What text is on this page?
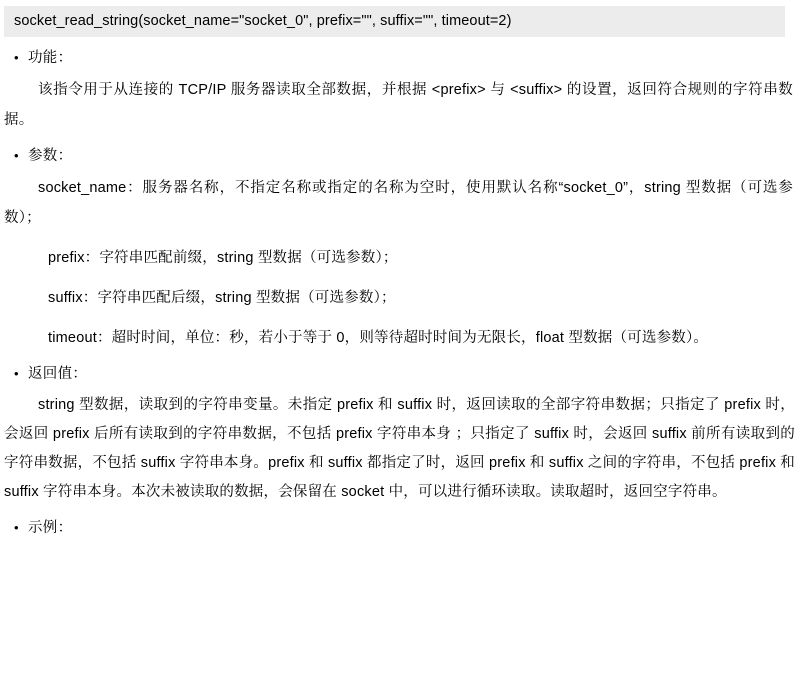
socket_read_string(socket_name="socket_0", prefix="", suffix="", timeout=2)
• 功能：
该指令用于从连接的 TCP/IP 服务器读取全部数据，并根据 <prefix> 与 <suffix> 的设置，返回符合规则的字符串数据。
• 参数：
socket_name：服务器名称，不指定名称或指定的名称为空时，使用默认名称“socket_0”，string 型数据（可选参数）；
prefix：字符串匹配前缀，string 型数据（可选参数）；
suffix：字符串匹配后缀，string 型数据（可选参数）；
timeout：超时时间，单位：秒，若小于等于 0，则等待超时时间为无限长，float 型数据（可选参数）。
• 返回值：
string 型数据，读取到的字符串变量。未指定 prefix 和 suffix 时，返回读取的全部字符串数据；只指定了 prefix 时，会返回 prefix 后所有读取到的字符串数据，不包括 prefix 字符串本身 ；只指定了 suffix 时，会返回 suffix 前所有读取到的字符串数据，不包括 suffix 字符串本身。prefix 和 suffix 都指定了时，返回 prefix 和 suffix 之间的字符串，不包括 prefix 和 suffix 字符串本身。本次未被读取的数据，会保留在 socket 中，可以进行循环读取。读取超时，返回空字符串。
• 示例：
